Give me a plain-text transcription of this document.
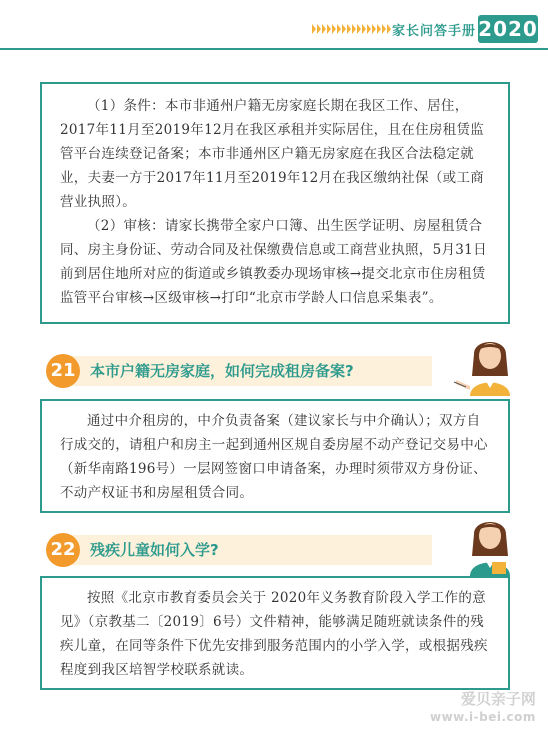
家长问答手册 2020

（1）条件：本市非通州户籍无房家庭长期在我区工作、居住，2017年11月至2019年12月在我区承租并实际居住，且在住房租赁监管平台连续登记备案；本市非通州区户籍无房家庭在我区合法稳定就业，夫妻一方于2017年11月至2019年12月在我区缴纳社保（或工商营业执照）。

（2）审核：请家长携带全家户口簿、出生医学证明、房屋租赁合同、房主身份证、劳动合同及社保缴费信息或工商营业执照，5月31日前到居住地所对应的街道或乡镇教委办现场审核→提交北京市住房租赁监管平台审核→区级审核→打印“北京市学龄人口信息采集表”。

21 本市户籍无房家庭，如何完成租房备案?

通过中介租房的，中介负责备案（建议家长与中介确认）；双方自行成交的，请租户和房主一起到通州区规自委房屋不动产登记交易中心（新华南路196号）一层网签窗口申请备案，办理时须带双方身份证、不动产权证书和房屋租赁合同。

22 残疾儿童如何入学?

按照《北京市教育委员会关于 2020年义务教育阶段入学工作的意见》（京教基二〔2019〕6号）文件精神，能够满足随班就读条件的残疾儿童，在同等条件下优先安排到服务范围内的小学入学，或根据残疾程度到我区培智学校联系就读。

爱贝亲子网
www.i-bei.com
